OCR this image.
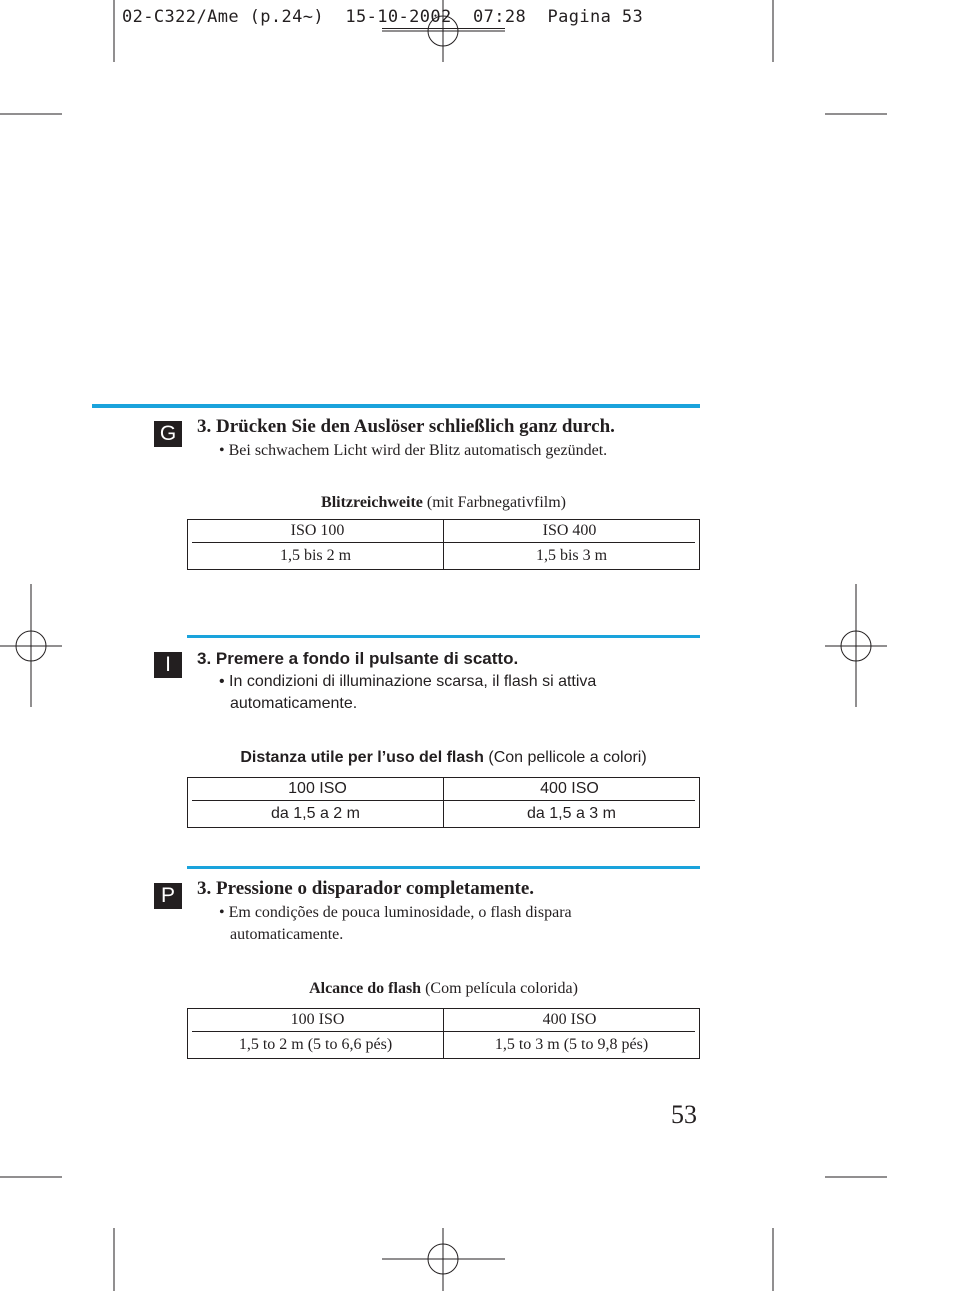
02-C322/Ame (p.24~) 15-10-2002 07:28 Pagina 53
G	3. Drücken Sie den Auslöser schließlich ganz durch.
• Bei schwachem Licht wird der Blitz automatisch gezündet.
Blitzreichweite (mit Farbnegativfilm)
ISO 100	ISO 400

1,5 bis 2 m	1,5 bis 3 m
I	3. Premere a fondo il pulsante di scatto.
• In condizioni di illuminazione scarsa, il flash si attiva
automaticamente.
Distanza utile per l’uso del flash (Con pellicole a colori)
100 ISO	400 ISO

da 1,5 a 2 m	da 1,5 a 3 m
P	3. Pressione o disparador completamente.
• Em condições de pouca luminosidade, o flash dispara
automaticamente.
Alcance do flash (Com película colorida)
100 ISO	400 ISO

1,5 to 2 m (5 to 6,6 pés)	1,5 to 3 m (5 to 9,8 pés)
53
